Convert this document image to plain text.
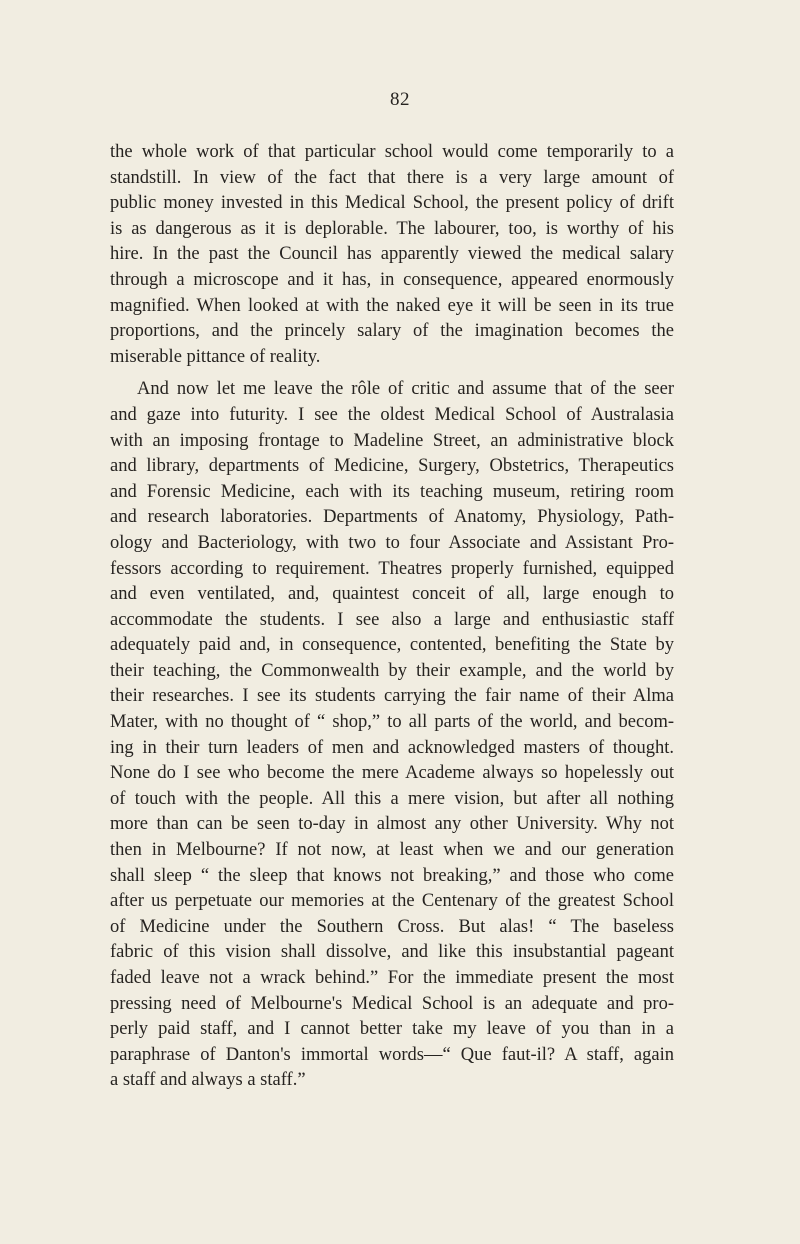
82
the whole work of that particular school would come temporarily to a
standstill. In view of the fact that there is a very large amount of
public money invested in this Medical School, the present policy of drift
is as dangerous as it is deplorable. The labourer, too, is worthy of his
hire. In the past the Council has apparently viewed the medical salary
through a microscope and it has, in consequence, appeared enormously
magnified. When looked at with the naked eye it will be seen in its true
proportions, and the princely salary of the imagination becomes the
miserable pittance of reality.
And now let me leave the rôle of critic and assume that of the seer
and gaze into futurity. I see the oldest Medical School of Australasia
with an imposing frontage to Madeline Street, an administrative block
and library, departments of Medicine, Surgery, Obstetrics, Therapeutics
and Forensic Medicine, each with its teaching museum, retiring room
and research laboratories. Departments of Anatomy, Physiology, Path-
ology and Bacteriology, with two to four Associate and Assistant Pro-
fessors according to requirement. Theatres properly furnished, equipped
and even ventilated, and, quaintest conceit of all, large enough to
accommodate the students. I see also a large and enthusiastic staff
adequately paid and, in consequence, contented, benefiting the State by
their teaching, the Commonwealth by their example, and the world by
their researches. I see its students carrying the fair name of their Alma
Mater, with no thought of “ shop,” to all parts of the world, and becom-
ing in their turn leaders of men and acknowledged masters of thought.
None do I see who become the mere Academe always so hopelessly out
of touch with the people. All this a mere vision, but after all nothing
more than can be seen to-day in almost any other University. Why not
then in Melbourne? If not now, at least when we and our generation
shall sleep “ the sleep that knows not breaking,” and those who come
after us perpetuate our memories at the Centenary of the greatest School
of Medicine under the Southern Cross. But alas! “ The baseless
fabric of this vision shall dissolve, and like this insubstantial pageant
faded leave not a wrack behind.” For the immediate present the most
pressing need of Melbourne's Medical School is an adequate and pro-
perly paid staff, and I cannot better take my leave of you than in a
paraphrase of Danton's immortal words—“ Que faut-il? A staff, again
a staff and always a staff.”
